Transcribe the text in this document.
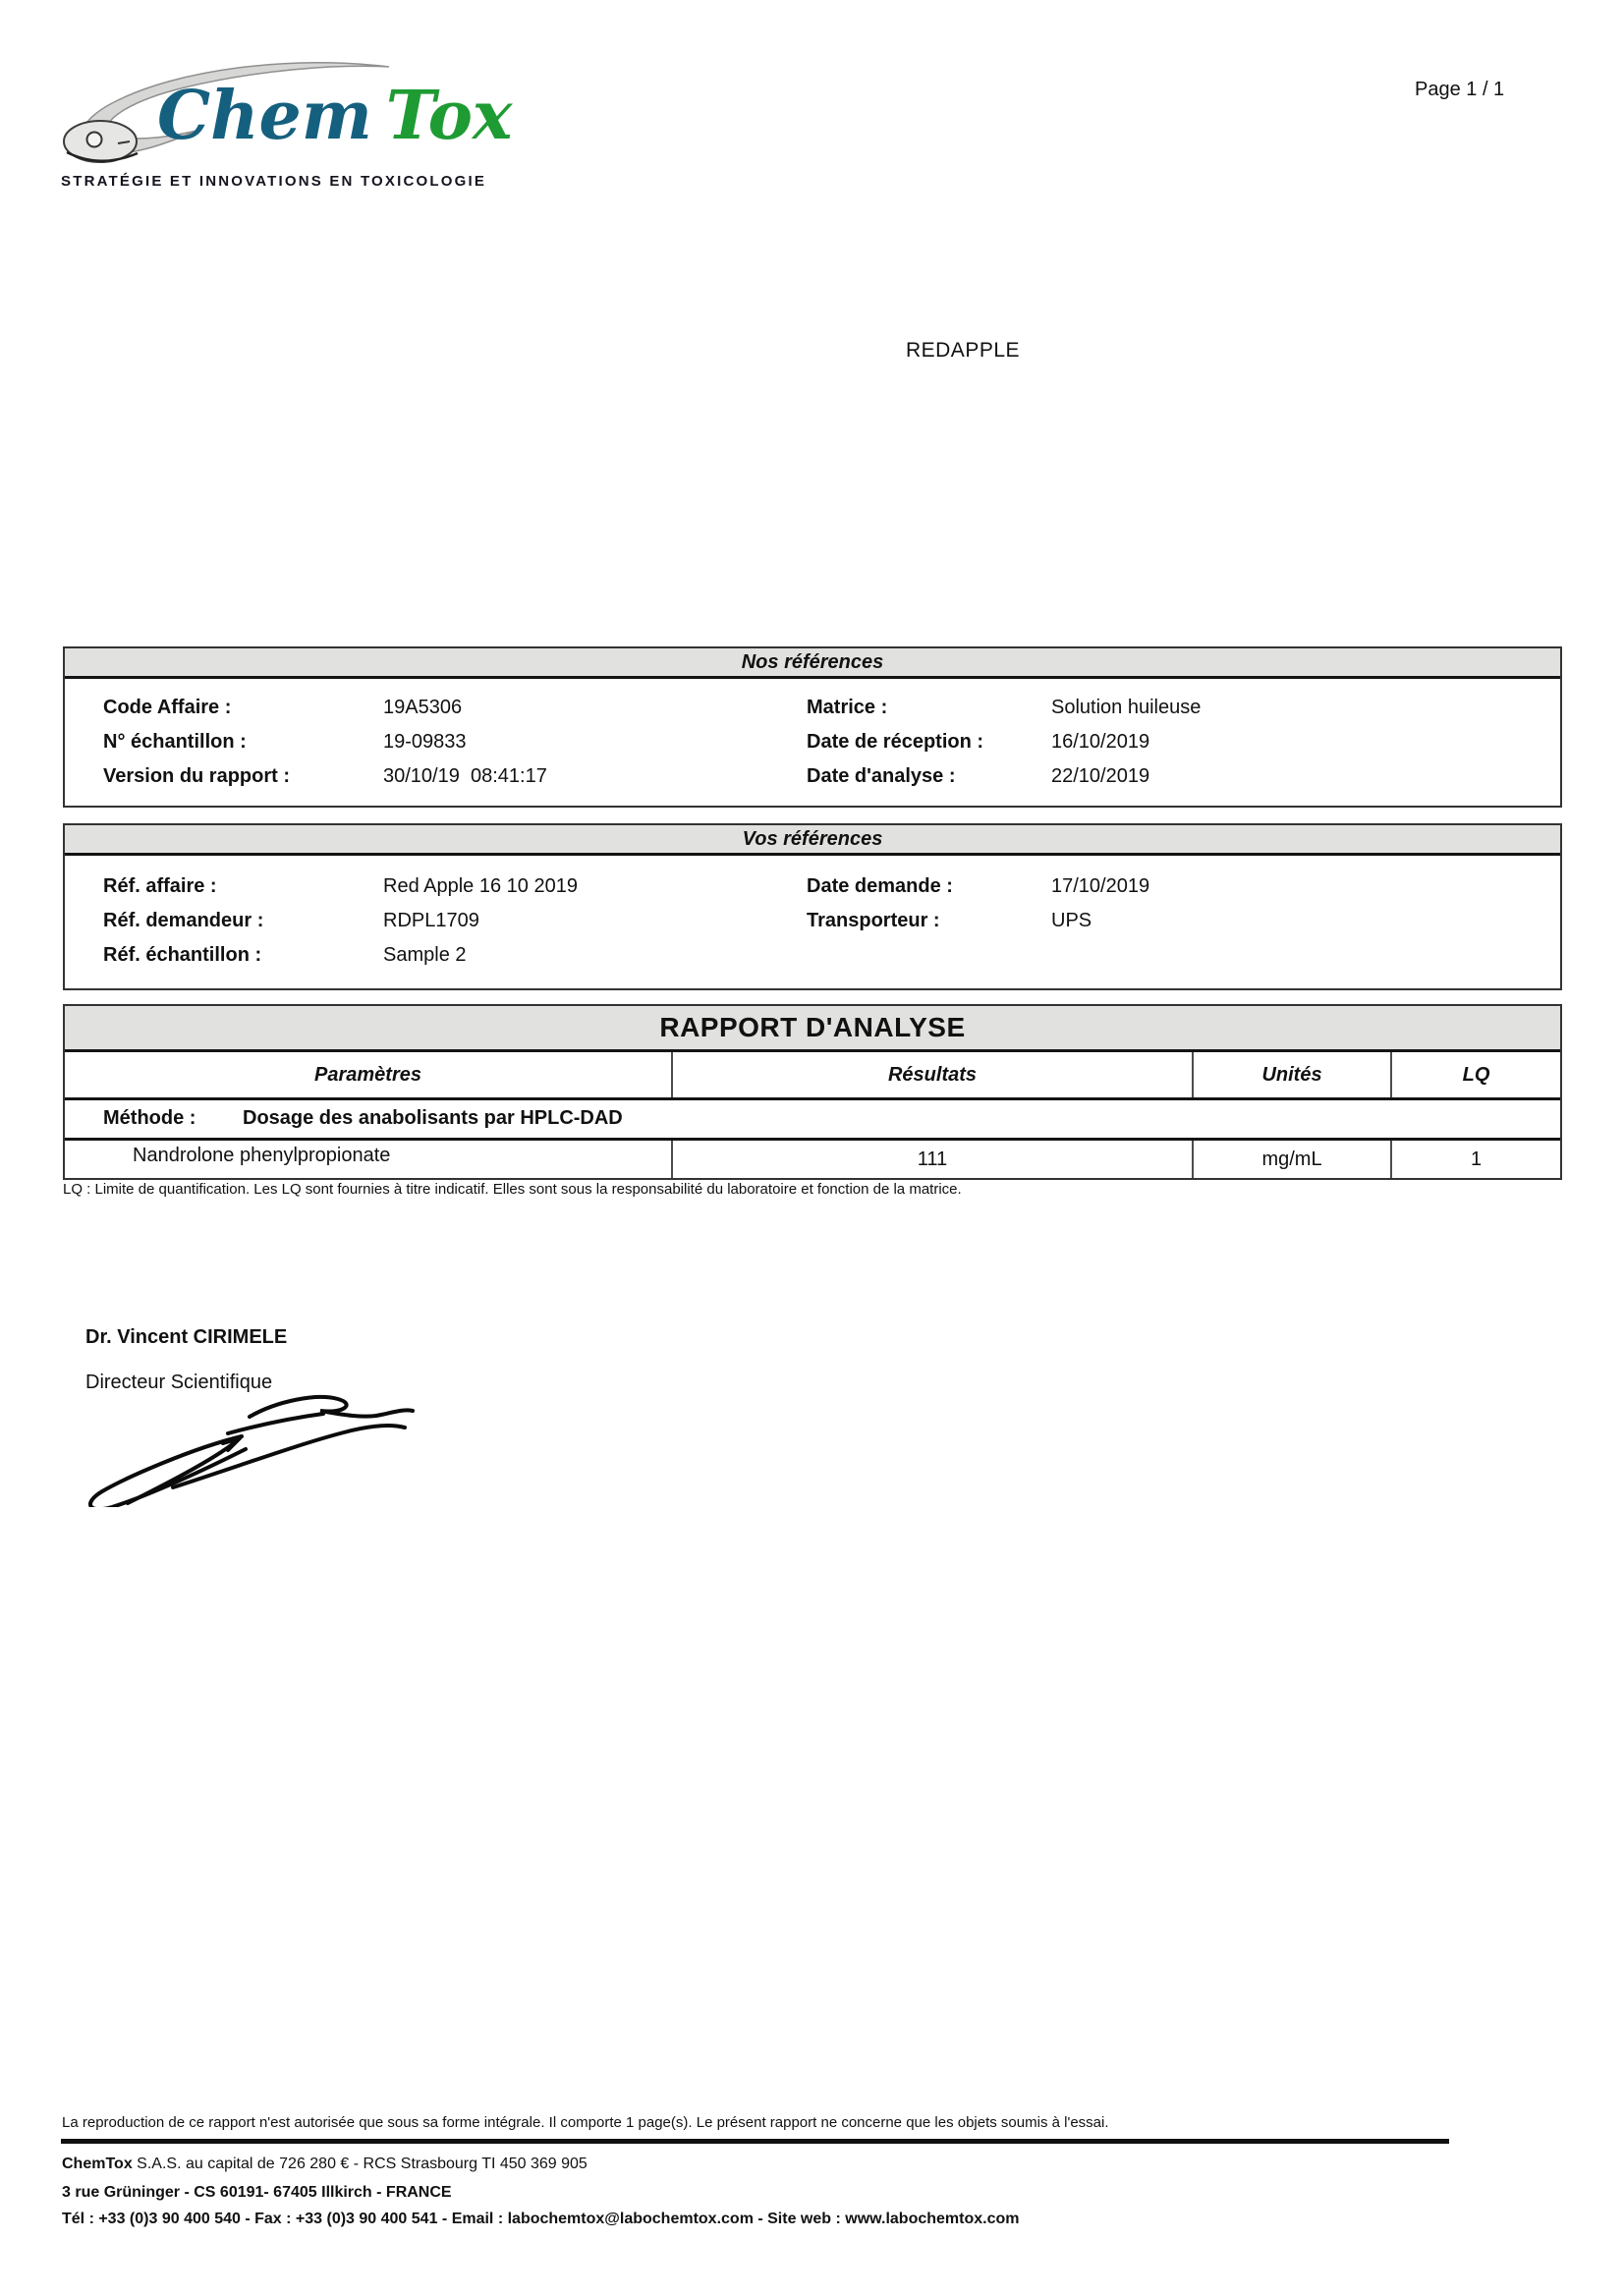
Chem Tox
STRATÉGIE ET INNOVATIONS EN TOXICOLOGIE
Page 1 / 1
REDAPPLE
Nos références
Code Affaire :	19A5306	Matrice :	Solution huileuse
N° échantillon :	19-09833	Date de réception :	16/10/2019
Version du rapport :	30/10/19  08:41:17	Date d'analyse :	22/10/2019
Vos références
Réf. affaire :	Red Apple 16 10 2019	Date demande :	17/10/2019
Réf. demandeur :	RDPL1709	Transporteur :	UPS
Réf. échantillon :	Sample 2
RAPPORT D'ANALYSE
Paramètres	Résultats	Unités	LQ
Méthode : Dosage des anabolisants par HPLC-DAD
Nandrolone phenylpropionate	111	mg/mL	1
LQ : Limite de quantification. Les LQ sont fournies à titre indicatif. Elles sont sous la responsabilité du laboratoire et fonction de la matrice.
Dr. Vincent CIRIMELE
Directeur Scientifique
La reproduction de ce rapport n'est autorisée que sous sa forme intégrale. Il comporte 1 page(s). Le présent rapport ne concerne que les objets soumis à l'essai.
ChemTox S.A.S. au capital de 726 280 € - RCS Strasbourg TI 450 369 905
3 rue Grüninger - CS 60191- 67405 Illkirch - FRANCE
Tél : +33 (0)3 90 400 540 - Fax : +33 (0)3 90 400 541 - Email : labochemtox@labochemtox.com - Site web : www.labochemtox.com
